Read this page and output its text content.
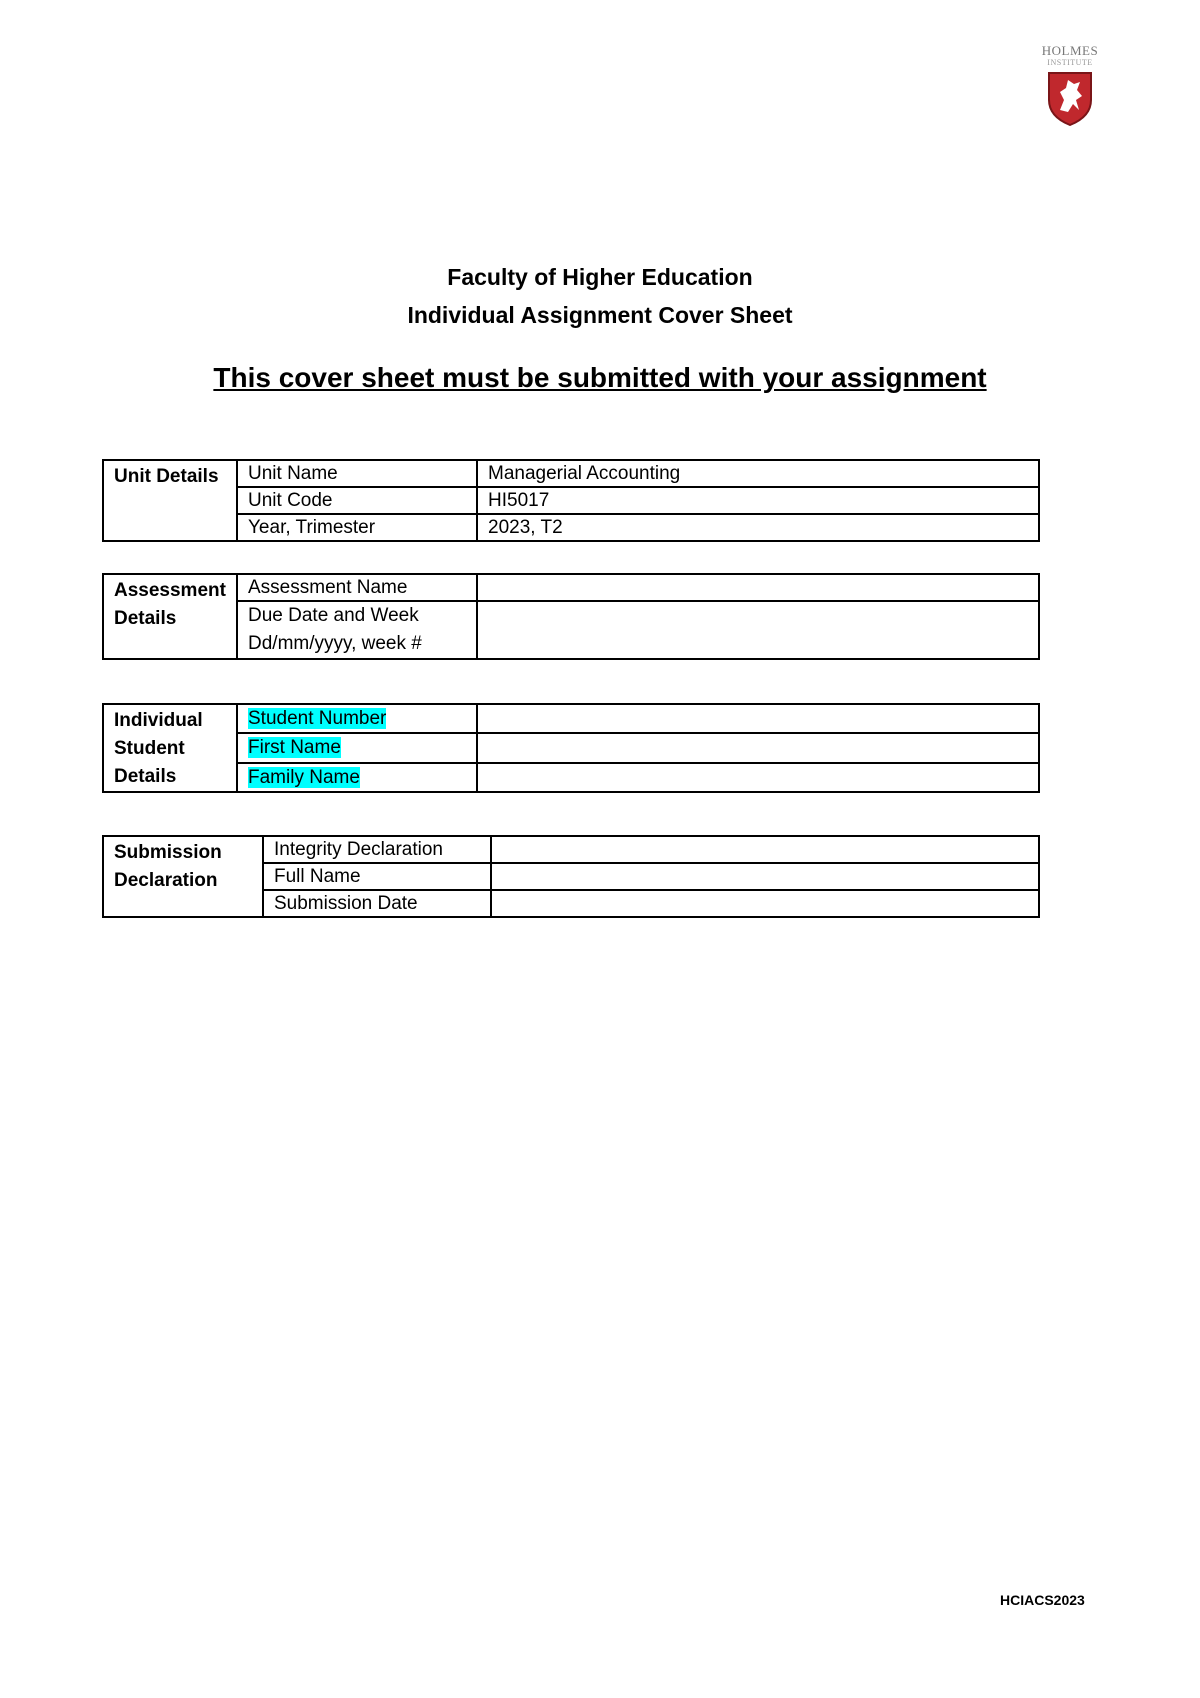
HOLMES
INSTITUTE
Faculty of Higher Education
Individual Assignment Cover Sheet
This cover sheet must be submitted with your assignment
Unit Details	Unit Name	Managerial Accounting
	Unit Code	HI5017
	Year, Trimester	2023, T2
Assessment Details	Assessment Name	

	Due Date and Week
Dd/mm/yyyy, week #	

Individual Student Details	Student Number	
	First Name	
	Family Name	
Submission Declaration	Integrity Declaration	
	Full Name	
	Submission Date	
HCIACS2023
